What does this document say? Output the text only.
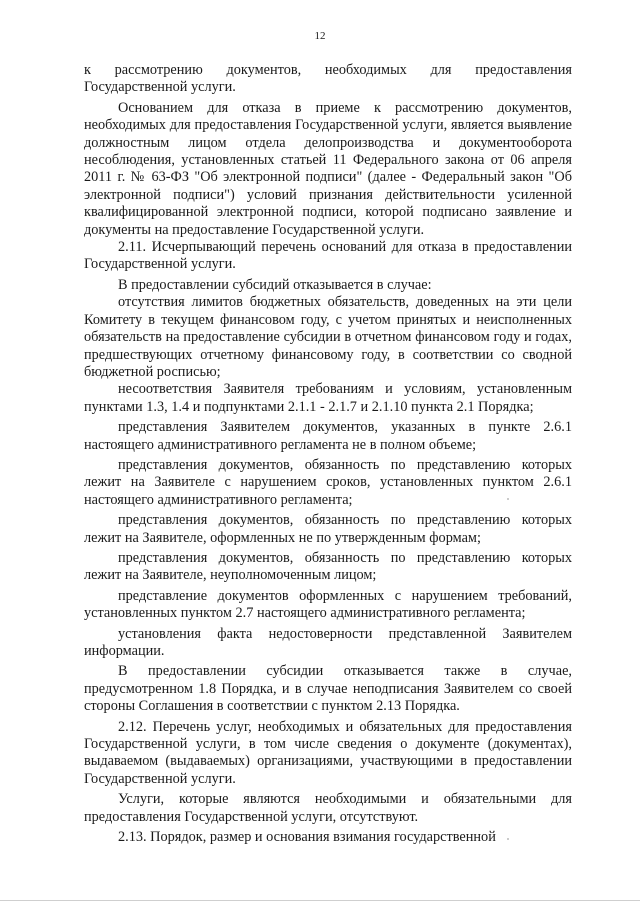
12

к рассмотрению документов, необходимых для предоставления Государственной услуги.

Основанием для отказа в приеме к рассмотрению документов, необходимых для предоставления Государственной услуги, является выявление должностным лицом отдела делопроизводства и документооборота несоблюдения, установленных статьей 11 Федерального закона от 06 апреля 2011 г. № 63-ФЗ "Об электронной подписи" (далее - Федеральный закон "Об электронной подписи") условий признания действительности усиленной квалифицированной электронной подписи, которой подписано заявление и документы на предоставление Государственной услуги.

2.11. Исчерпывающий перечень оснований для отказа в предоставлении Государственной услуги.

В предоставлении субсидий отказывается в случае:

отсутствия лимитов бюджетных обязательств, доведенных на эти цели Комитету в текущем финансовом году, с учетом принятых и неисполненных обязательств на предоставление субсидии в отчетном финансовом году и годах, предшествующих отчетному финансовому году, в соответствии со сводной бюджетной росписью;

несоответствия Заявителя требованиям и условиям, установленным пунктами 1.3, 1.4 и подпунктами 2.1.1 - 2.1.7 и 2.1.10 пункта 2.1 Порядка;

представления Заявителем документов, указанных в пункте 2.6.1 настоящего административного регламента не в полном объеме;

представления документов, обязанность по представлению которых лежит на Заявителе с нарушением сроков, установленных пунктом 2.6.1 настоящего административного регламента;

представления документов, обязанность по представлению которых лежит на Заявителе, оформленных не по утвержденным формам;

представления документов, обязанность по представлению которых лежит на Заявителе, неуполномоченным лицом;

представление документов оформленных с нарушением требований, установленных пунктом 2.7 настоящего административного регламента;

установления факта недостоверности представленной Заявителем информации.

В предоставлении субсидии отказывается также в случае, предусмотренном 1.8 Порядка, и в случае неподписания Заявителем со своей стороны Соглашения в соответствии с пунктом 2.13 Порядка.

2.12. Перечень услуг, необходимых и обязательных для предоставления Государственной услуги, в том числе сведения о документе (документах), выдаваемом (выдаваемых) организациями, участвующими в предоставлении Государственной услуги.

Услуги, которые являются необходимыми и обязательными для предоставления Государственной услуги, отсутствуют.

2.13. Порядок, размер и основания взимания государственной
